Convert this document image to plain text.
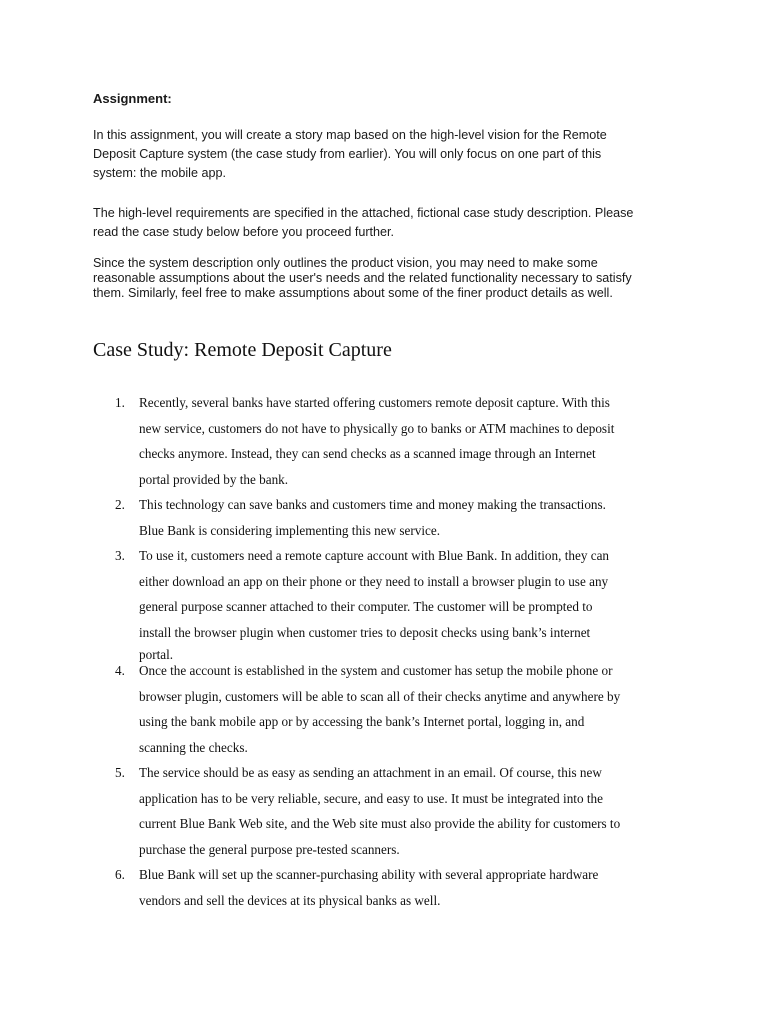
Assignment:

In this assignment, you will create a story map based on the high-level vision for the Remote
Deposit Capture system (the case study from earlier). You will only focus on one part of this
system: the mobile app.

The high-level requirements are specified in the attached, fictional case study description. Please
read the case study below before you proceed further.

Since the system description only outlines the product vision, you may need to make some
reasonable assumptions about the user's needs and the related functionality necessary to satisfy
them. Similarly, feel free to make assumptions about some of the finer product details as well.

Case Study: Remote Deposit Capture
1. Recently, several banks have started offering customers remote deposit capture. With this
new service, customers do not have to physically go to banks or ATM machines to deposit
checks anymore. Instead, they can send checks as a scanned image through an Internet
portal provided by the bank.
2. This technology can save banks and customers time and money making the transactions.
Blue Bank is considering implementing this new service.
3. To use it, customers need a remote capture account with Blue Bank. In addition, they can
either download an app on their phone or they need to install a browser plugin to use any
general purpose scanner attached to their computer. The customer will be prompted to
install the browser plugin when customer tries to deposit checks using bank’s internet
portal.
4. Once the account is established in the system and customer has setup the mobile phone or
browser plugin, customers will be able to scan all of their checks anytime and anywhere by
using the bank mobile app or by accessing the bank’s Internet portal, logging in, and
scanning the checks.
5. The service should be as easy as sending an attachment in an email. Of course, this new
application has to be very reliable, secure, and easy to use. It must be integrated into the
current Blue Bank Web site, and the Web site must also provide the ability for customers to
purchase the general purpose pre-tested scanners.
6. Blue Bank will set up the scanner-purchasing ability with several appropriate hardware
vendors and sell the devices at its physical banks as well.
